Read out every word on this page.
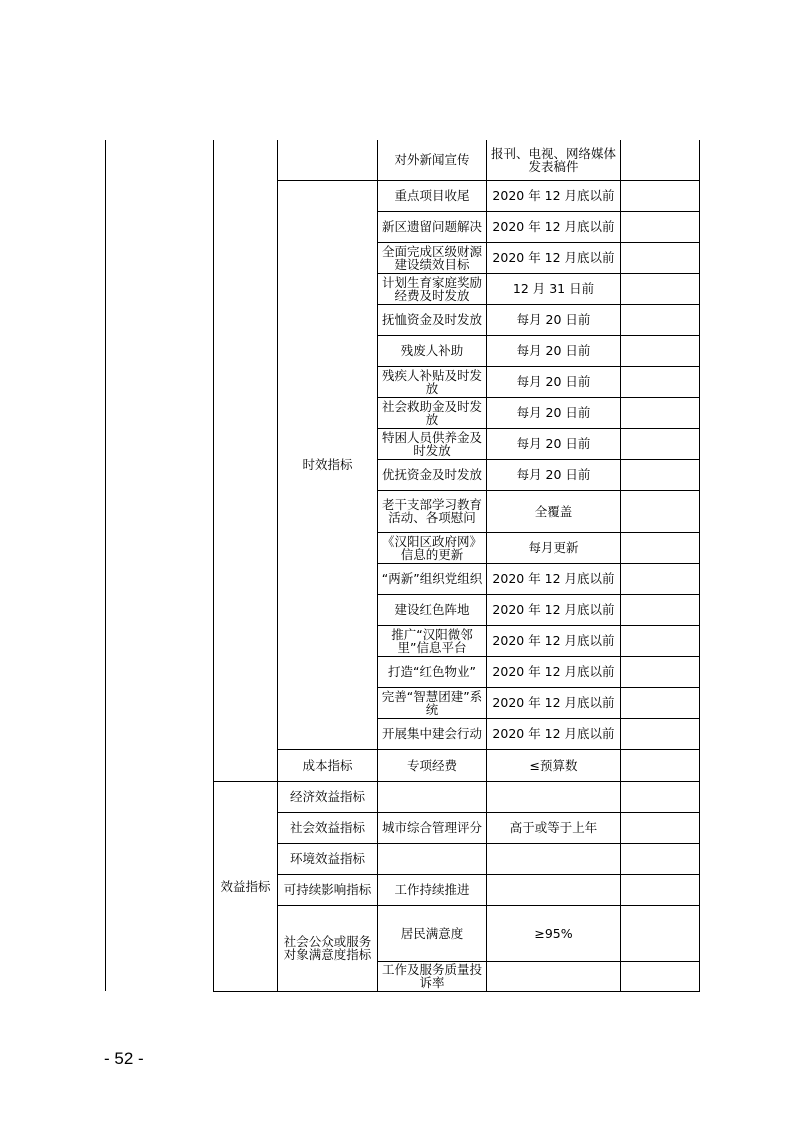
			对外新闻宣传	报刊、电视、网络媒体发表稿件	
		时效指标	重点项目收尾	2020 年 12 月底以前	
			新区遗留问题解决	2020 年 12 月底以前	
			全面完成区级财源建设绩效目标	2020 年 12 月底以前	
			计划生育家庭奖励经费及时发放	12 月 31 日前	
			抚恤资金及时发放	每月 20 日前	
			残废人补助	每月 20 日前	
			残疾人补贴及时发放	每月 20 日前	
			社会救助金及时发放	每月 20 日前	
			特困人员供养金及时发放	每月 20 日前	
			优抚资金及时发放	每月 20 日前	
			老干支部学习教育活动、各项慰问	全覆盖	
			《汉阳区政府网》信息的更新	每月更新	
			“两新”组织党组织	2020 年 12 月底以前	
			建设红色阵地	2020 年 12 月底以前	
			推广“汉阳微邻里”信息平台	2020 年 12 月底以前	
			打造“红色物业”	2020 年 12 月底以前	
			完善“智慧团建”系统	2020 年 12 月底以前	
			开展集中建会行动	2020 年 12 月底以前	
		成本指标	专项经费	≤预算数	
	效益指标	经济效益指标			
		社会效益指标	城市综合管理评分	高于或等于上年	
		环境效益指标			
		可持续影响指标	工作持续推进		
		社会公众或服务对象满意度指标	居民满意度	≥95%	
			工作及服务质量投诉率		
- 52 -
